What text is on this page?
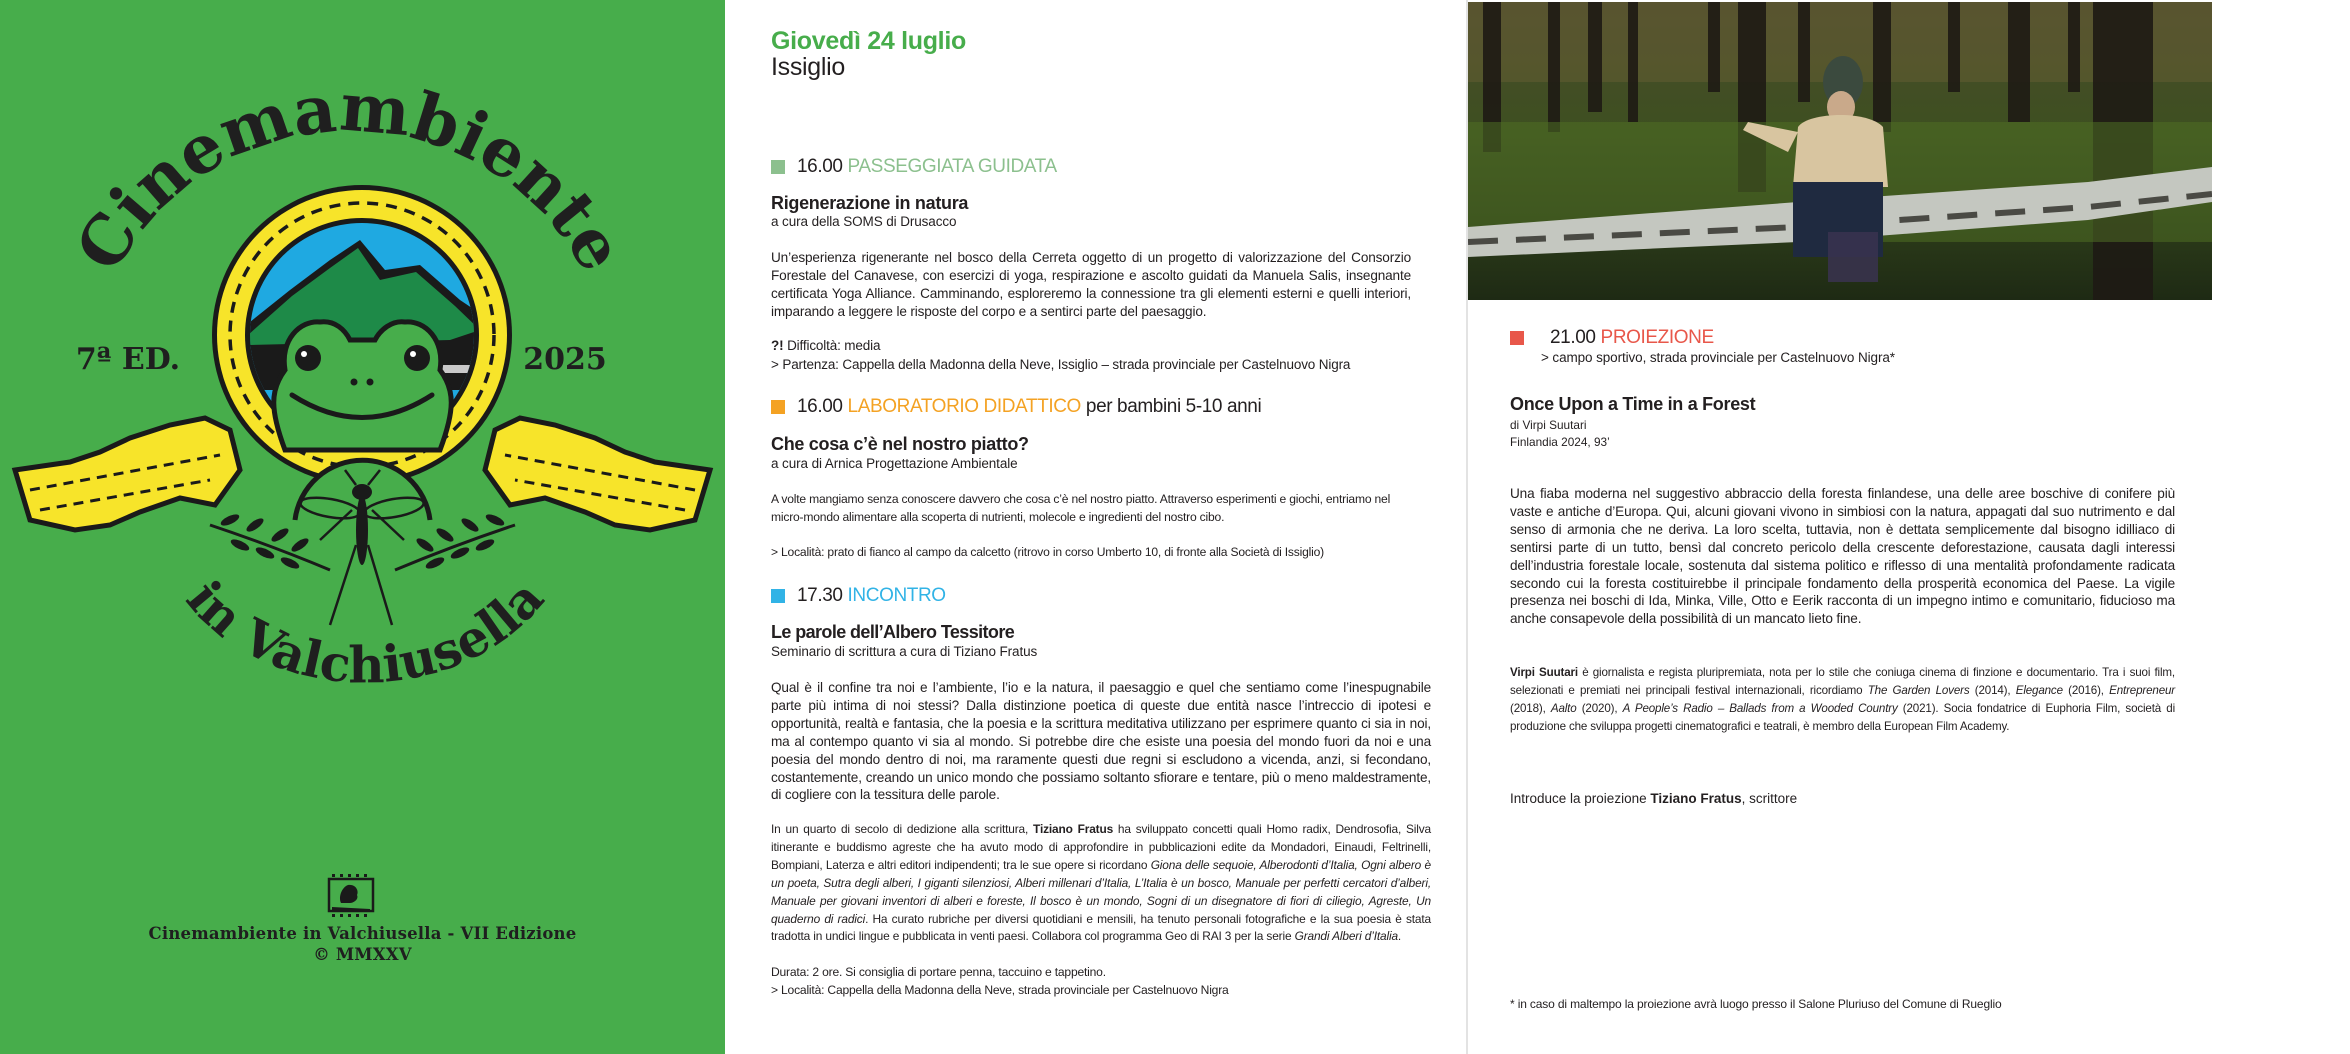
Cinemambiente
7ª ED.	2025
in Valchiusella
Cinemambiente in Valchiusella - VII Edizione
© MMXXV
Giovedì 24 luglio
Issiglio
16.00 PASSEGGIATA GUIDATA
Rigenerazione in natura
a cura della SOMS di Drusacco
Un’esperienza rigenerante nel bosco della Cerreta oggetto di un progetto di valorizzazione del Consorzio Forestale del Canavese, con esercizi di yoga, respirazione e ascolto guidati da Manuela Salis, insegnante certificata Yoga Alliance. Camminando, esploreremo la connessione tra gli elementi esterni e quelli interiori, imparando a leggere le risposte del corpo e a sentirci parte del paesaggio.
?! Difficoltà: media
> Partenza: Cappella della Madonna della Neve, Issiglio – strada provinciale per Castelnuovo Nigra
16.00 LABORATORIO DIDATTICO per bambini 5-10 anni
Che cosa c’è nel nostro piatto?
a cura di Arnica Progettazione Ambientale
A volte mangiamo senza conoscere davvero che cosa c’è nel nostro piatto. Attraverso esperimenti e giochi, entriamo nel micro-mondo alimentare alla scoperta di nutrienti, molecole e ingredienti del nostro cibo.
> Località: prato di fianco al campo da calcetto (ritrovo in corso Umberto 10, di fronte alla Società di Issiglio)
17.30 INCONTRO
Le parole dell’Albero Tessitore
Seminario di scrittura a cura di Tiziano Fratus
Qual è il confine tra noi e l’ambiente, l’io e la natura, il paesaggio e quel che sentiamo come l’inespugnabile parte più intima di noi stessi? Dalla distinzione poetica di queste due entità nasce l’intreccio di ipotesi e opportunità, realtà e fantasia, che la poesia e la scrittura meditativa utilizzano per esprimere quanto ci sia in noi, ma al contempo quanto vi sia al mondo. Si potrebbe dire che esiste una poesia del mondo fuori da noi e una poesia del mondo dentro di noi, ma raramente questi due regni si escludono a vicenda, anzi, si fecondano, costantemente, creando un unico mondo che possiamo soltanto sfiorare e tentare, più o meno maldestramente, di cogliere con la tessitura delle parole.
In un quarto di secolo di dedizione alla scrittura, Tiziano Fratus ha sviluppato concetti quali Homo radix, Dendrosofia, Silva itinerante e buddismo agreste che ha avuto modo di approfondire in pubblicazioni edite da Mondadori, Einaudi, Feltrinelli, Bompiani, Laterza e altri editori indipendenti; tra le sue opere si ricordano Giona delle sequoie, Alberodonti d’Italia, Ogni albero è un poeta, Sutra degli alberi, I giganti silenziosi, Alberi millenari d’Italia, L’Italia è un bosco, Manuale per perfetti cercatori d’alberi, Manuale per giovani inventori di alberi e foreste, Il bosco è un mondo, Sogni di un disegnatore di fiori di ciliegio, Agreste, Un quaderno di radici. Ha curato rubriche per diversi quotidiani e mensili, ha tenuto personali fotografiche e la sua poesia è stata tradotta in undici lingue e pubblicata in venti paesi. Collabora col programma Geo di RAI 3 per la serie Grandi Alberi d’Italia.
Durata: 2 ore. Si consiglia di portare penna, taccuino e tappetino.
> Località: Cappella della Madonna della Neve, strada provinciale per Castelnuovo Nigra
21.00 PROIEZIONE
> campo sportivo, strada provinciale per Castelnuovo Nigra*
Once Upon a Time in a Forest
di Virpi Suutari
Finlandia 2024, 93’
Una fiaba moderna nel suggestivo abbraccio della foresta finlandese, una delle aree boschive di conifere più vaste e antiche d’Europa. Qui, alcuni giovani vivono in simbiosi con la natura, appagati dal suo nutrimento e dal senso di armonia che ne deriva. La loro scelta, tuttavia, non è dettata semplicemente dal bisogno idilliaco di sentirsi parte di un tutto, bensì dal concreto pericolo della crescente deforestazione, causata dagli interessi dell’industria forestale locale, sostenuta dal sistema politico e riflesso di una mentalità profondamente radicata secondo cui la foresta costituirebbe il principale fondamento della prosperità economica del Paese. La vigile presenza nei boschi di Ida, Minka, Ville, Otto e Eerik racconta di un impegno intimo e comunitario, fiducioso ma anche consapevole della possibilità di un mancato lieto fine.
Virpi Suutari è giornalista e regista pluripremiata, nota per lo stile che coniuga cinema di finzione e documentario. Tra i suoi film, selezionati e premiati nei principali festival internazionali, ricordiamo The Garden Lovers (2014), Elegance (2016), Entrepreneur (2018), Aalto (2020), A People’s Radio – Ballads from a Wooded Country (2021). Socia fondatrice di Euphoria Film, società di produzione che sviluppa progetti cinematografici e teatrali, è membro della European Film Academy.
Introduce la proiezione Tiziano Fratus, scrittore
* in caso di maltempo la proiezione avrà luogo presso il Salone Pluriuso del Comune di Rueglio
